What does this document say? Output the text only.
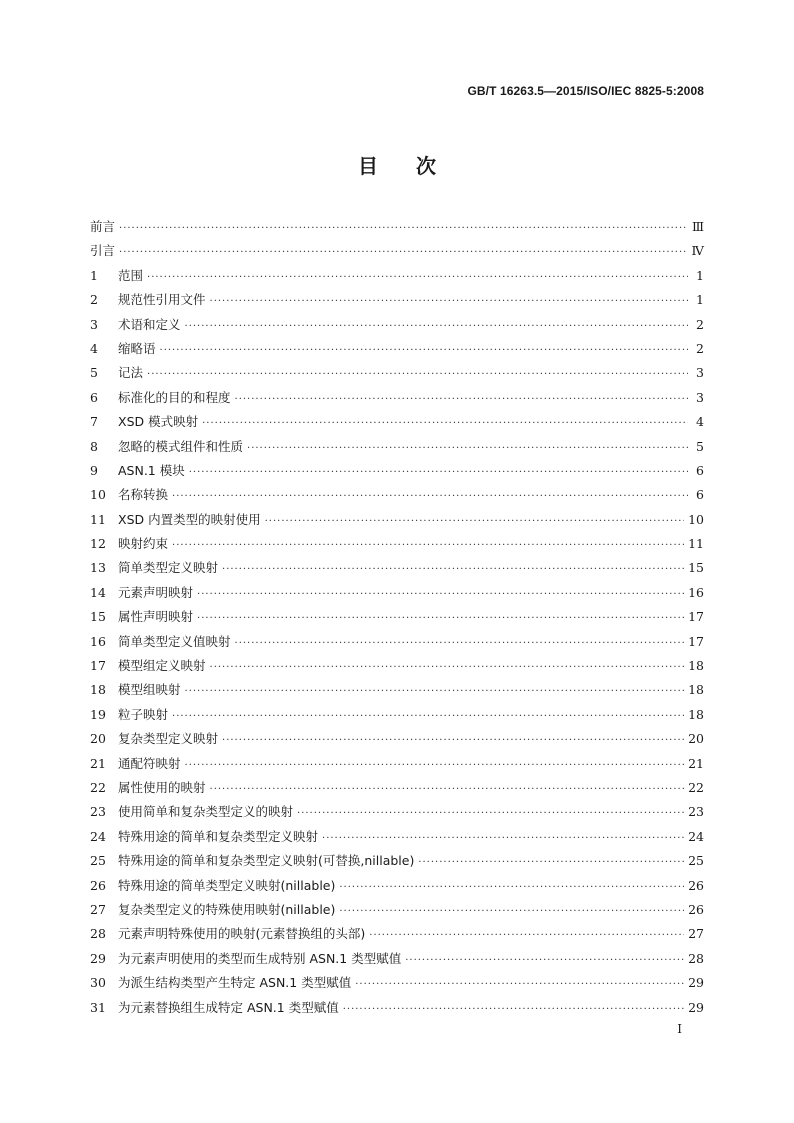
GB/T 16263.5—2015/ISO/IEC 8825-5:2008
目次
前言 ·····	Ⅲ
引言 ·····	Ⅳ
1	范围 ·····	1
2	规范性引用文件 ·····	1
3	术语和定义 ·····	2
4	缩略语 ·····	2
5	记法 ·····	3
6	标准化的目的和程度 ·····	3
7	XSD 模式映射 ·····	4
8	忽略的模式组件和性质 ·····	5
9	ASN.1 模块 ·····	6
10 名称转换 ·····	6
11 XSD 内置类型的映射使用 ·····	10
12 映射约束 ·····	11
13 简单类型定义映射 ·····	15
14 元素声明映射 ·····	16
15 属性声明映射 ·····	17
16 简单类型定义值映射 ·····	17
17 模型组定义映射 ·····	18
18 模型组映射 ·····	18
19 粒子映射 ·····	18
20 复杂类型定义映射 ·····	20
21 通配符映射 ·····	21
22 属性使用的映射 ·····	22
23 使用简单和复杂类型定义的映射 ·····	23
24 特殊用途的简单和复杂类型定义映射 ·····	24
25 特殊用途的简单和复杂类型定义映射(可替换,nillable) ·····	25
26 特殊用途的简单类型定义映射(nillable) ·····	26
27 复杂类型定义的特殊使用映射(nillable) ·····	26
28 元素声明特殊使用的映射(元素替换组的头部) ·····	27
29 为元素声明使用的类型而生成特别 ASN.1 类型赋值 ·····	28
30 为派生结构类型产生特定 ASN.1 类型赋值 ·····	29
31 为元素替换组生成特定 ASN.1 类型赋值 ·····	29
I
